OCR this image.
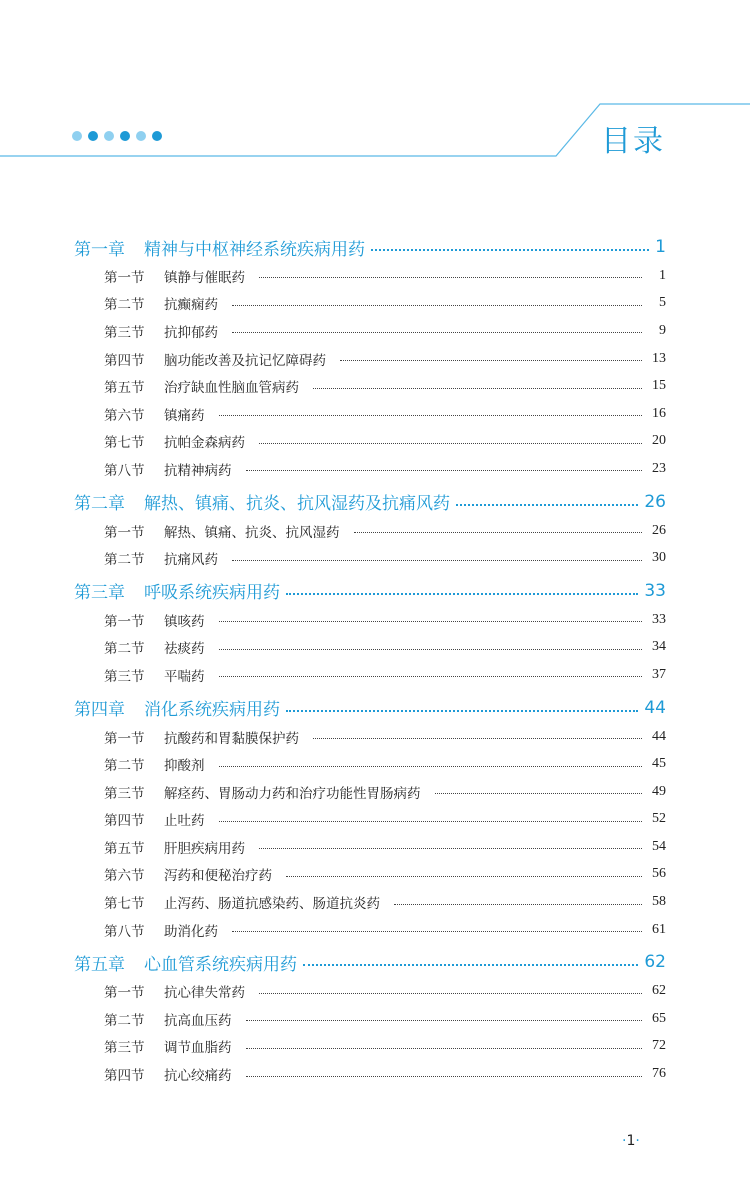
目录
第一章	精神与中枢神经系统疾病用药	1
第一节	镇静与催眠药	1
第二节	抗癫痫药	5
第三节	抗抑郁药	9
第四节	脑功能改善及抗记忆障碍药	13
第五节	治疗缺血性脑血管病药	15
第六节	镇痛药	16
第七节	抗帕金森病药	20
第八节	抗精神病药	23
第二章	解热、镇痛、抗炎、抗风湿药及抗痛风药	26
第一节	解热、镇痛、抗炎、抗风湿药	26
第二节	抗痛风药	30
第三章	呼吸系统疾病用药	33
第一节	镇咳药	33
第二节	祛痰药	34
第三节	平喘药	37
第四章	消化系统疾病用药	44
第一节	抗酸药和胃黏膜保护药	44
第二节	抑酸剂	45
第三节	解痉药、胃肠动力药和治疗功能性胃肠病药	49
第四节	止吐药	52
第五节	肝胆疾病用药	54
第六节	泻药和便秘治疗药	56
第七节	止泻药、肠道抗感染药、肠道抗炎药	58
第八节	助消化药	61
第五章	心血管系统疾病用药	62
第一节	抗心律失常药	62
第二节	抗高血压药	65
第三节	调节血脂药	72
第四节	抗心绞痛药	76
·1·
